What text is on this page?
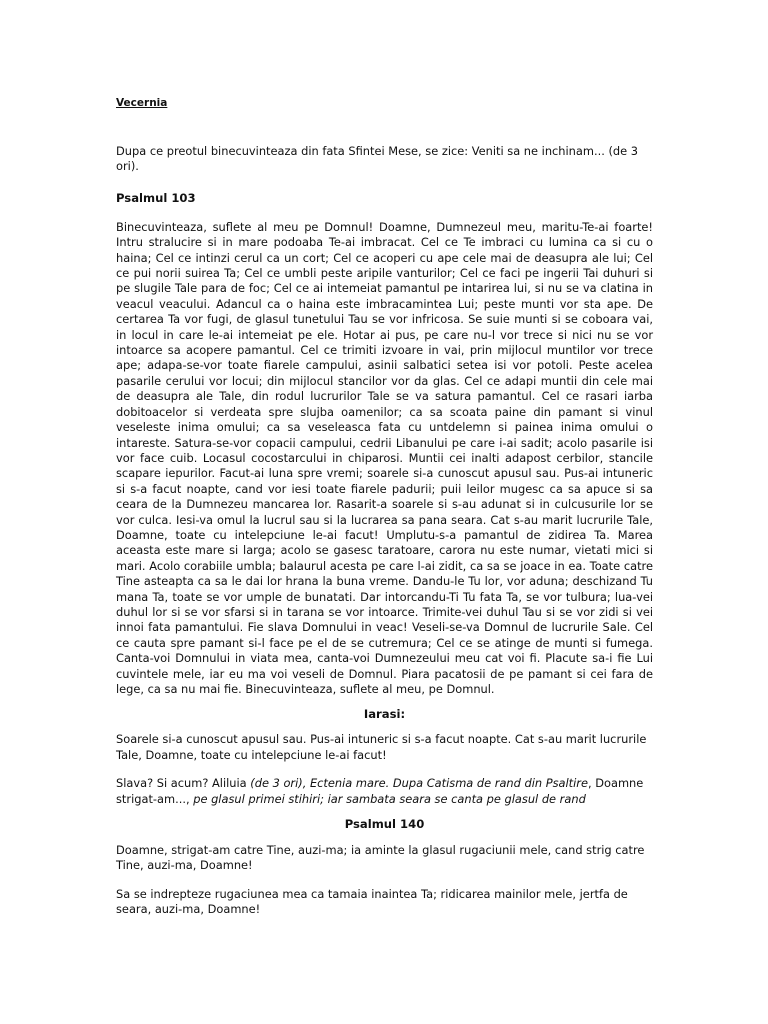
Vecernia

Dupa ce preotul binecuvinteaza din fata Sfintei Mese, se zice: Veniti sa ne inchinam... (de 3 ori).

Psalmul 103

Binecuvinteaza, suflete al meu pe Domnul! Doamne, Dumnezeul meu, maritu-Te-ai foarte! Intru stralucire si in mare podoaba Te-ai imbracat. Cel ce Te imbraci cu lumina ca si cu o haina; Cel ce intinzi cerul ca un cort; Cel ce acoperi cu ape cele mai de deasupra ale lui; Cel ce pui norii suirea Ta; Cel ce umbli peste aripile vanturilor; Cel ce faci pe ingerii Tai duhuri si pe slugile Tale para de foc; Cel ce ai intemeiat pamantul pe intarirea lui, si nu se va clatina in veacul veacului. Adancul ca o haina este imbracamintea Lui; peste munti vor sta ape. De certarea Ta vor fugi, de glasul tunetului Tau se vor infricosa. Se suie munti si se coboara vai, in locul in care le-ai intemeiat pe ele. Hotar ai pus, pe care nu-l vor trece si nici nu se vor intoarce sa acopere pamantul. Cel ce trimiti izvoare in vai, prin mijlocul muntilor vor trece ape; adapa-se-vor toate fiarele campului, asinii salbatici setea isi vor potoli. Peste acelea pasarile cerului vor locui; din mijlocul stancilor vor da glas. Cel ce adapi muntii din cele mai de deasupra ale Tale, din rodul lucrurilor Tale se va satura pamantul. Cel ce rasari iarba dobitoacelor si verdeata spre slujba oamenilor; ca sa scoata paine din pamant si vinul veseleste inima omului; ca sa veseleasca fata cu untdelemn si painea inima omului o intareste. Satura-se-vor copacii campului, cedrii Libanului pe care i-ai sadit; acolo pasarile isi vor face cuib. Locasul cocostarcului in chiparosi. Muntii cei inalti adapost cerbilor, stancile scapare iepurilor. Facut-ai luna spre vremi; soarele si-a cunoscut apusul sau. Pus-ai intuneric si s-a facut noapte, cand vor iesi toate fiarele padurii; puii leilor mugesc ca sa apuce si sa ceara de la Dumnezeu mancarea lor. Rasarit-a soarele si s-au adunat si in culcusurile lor se vor culca. Iesi-va omul la lucrul sau si la lucrarea sa pana seara. Cat s-au marit lucrurile Tale, Doamne, toate cu intelepciune le-ai facut! Umplutu-s-a pamantul de zidirea Ta. Marea aceasta este mare si larga; acolo se gasesc taratoare, carora nu este numar, vietati mici si mari. Acolo corabiile umbla; balaurul acesta pe care l-ai zidit, ca sa se joace in ea. Toate catre Tine asteapta ca sa le dai lor hrana la buna vreme. Dandu-le Tu lor, vor aduna; deschizand Tu mana Ta, toate se vor umple de bunatati. Dar intorcandu-Ti Tu fata Ta, se vor tulbura; lua-vei duhul lor si se vor sfarsi si in tarana se vor intoarce. Trimite-vei duhul Tau si se vor zidi si vei innoi fata pamantului. Fie slava Domnului in veac! Veseli-se-va Domnul de lucrurile Sale. Cel ce cauta spre pamant si-l face pe el de se cutremura; Cel ce se atinge de munti si fumega. Canta-voi Domnului in viata mea, canta-voi Dumnezeului meu cat voi fi. Placute sa-i fie Lui cuvintele mele, iar eu ma voi veseli de Domnul. Piara pacatosii de pe pamant si cei fara de lege, ca sa nu mai fie. Binecuvinteaza, suflete al meu, pe Domnul.

Iarasi:

Soarele si-a cunoscut apusul sau. Pus-ai intuneric si s-a facut noapte. Cat s-au marit lucrurile Tale, Doamne, toate cu intelepciune le-ai facut!

Slava? Si acum? Aliluia (de 3 ori), Ectenia mare. Dupa Catisma de rand din Psaltire, Doamne strigat-am..., pe glasul primei stihiri; iar sambata seara se canta pe glasul de rand

Psalmul 140

Doamne, strigat-am catre Tine, auzi-ma; ia aminte la glasul rugaciunii mele, cand strig catre Tine, auzi-ma, Doamne!

Sa se indrepteze rugaciunea mea ca tamaia inaintea Ta; ridicarea mainilor mele, jertfa de seara, auzi-ma, Doamne!
